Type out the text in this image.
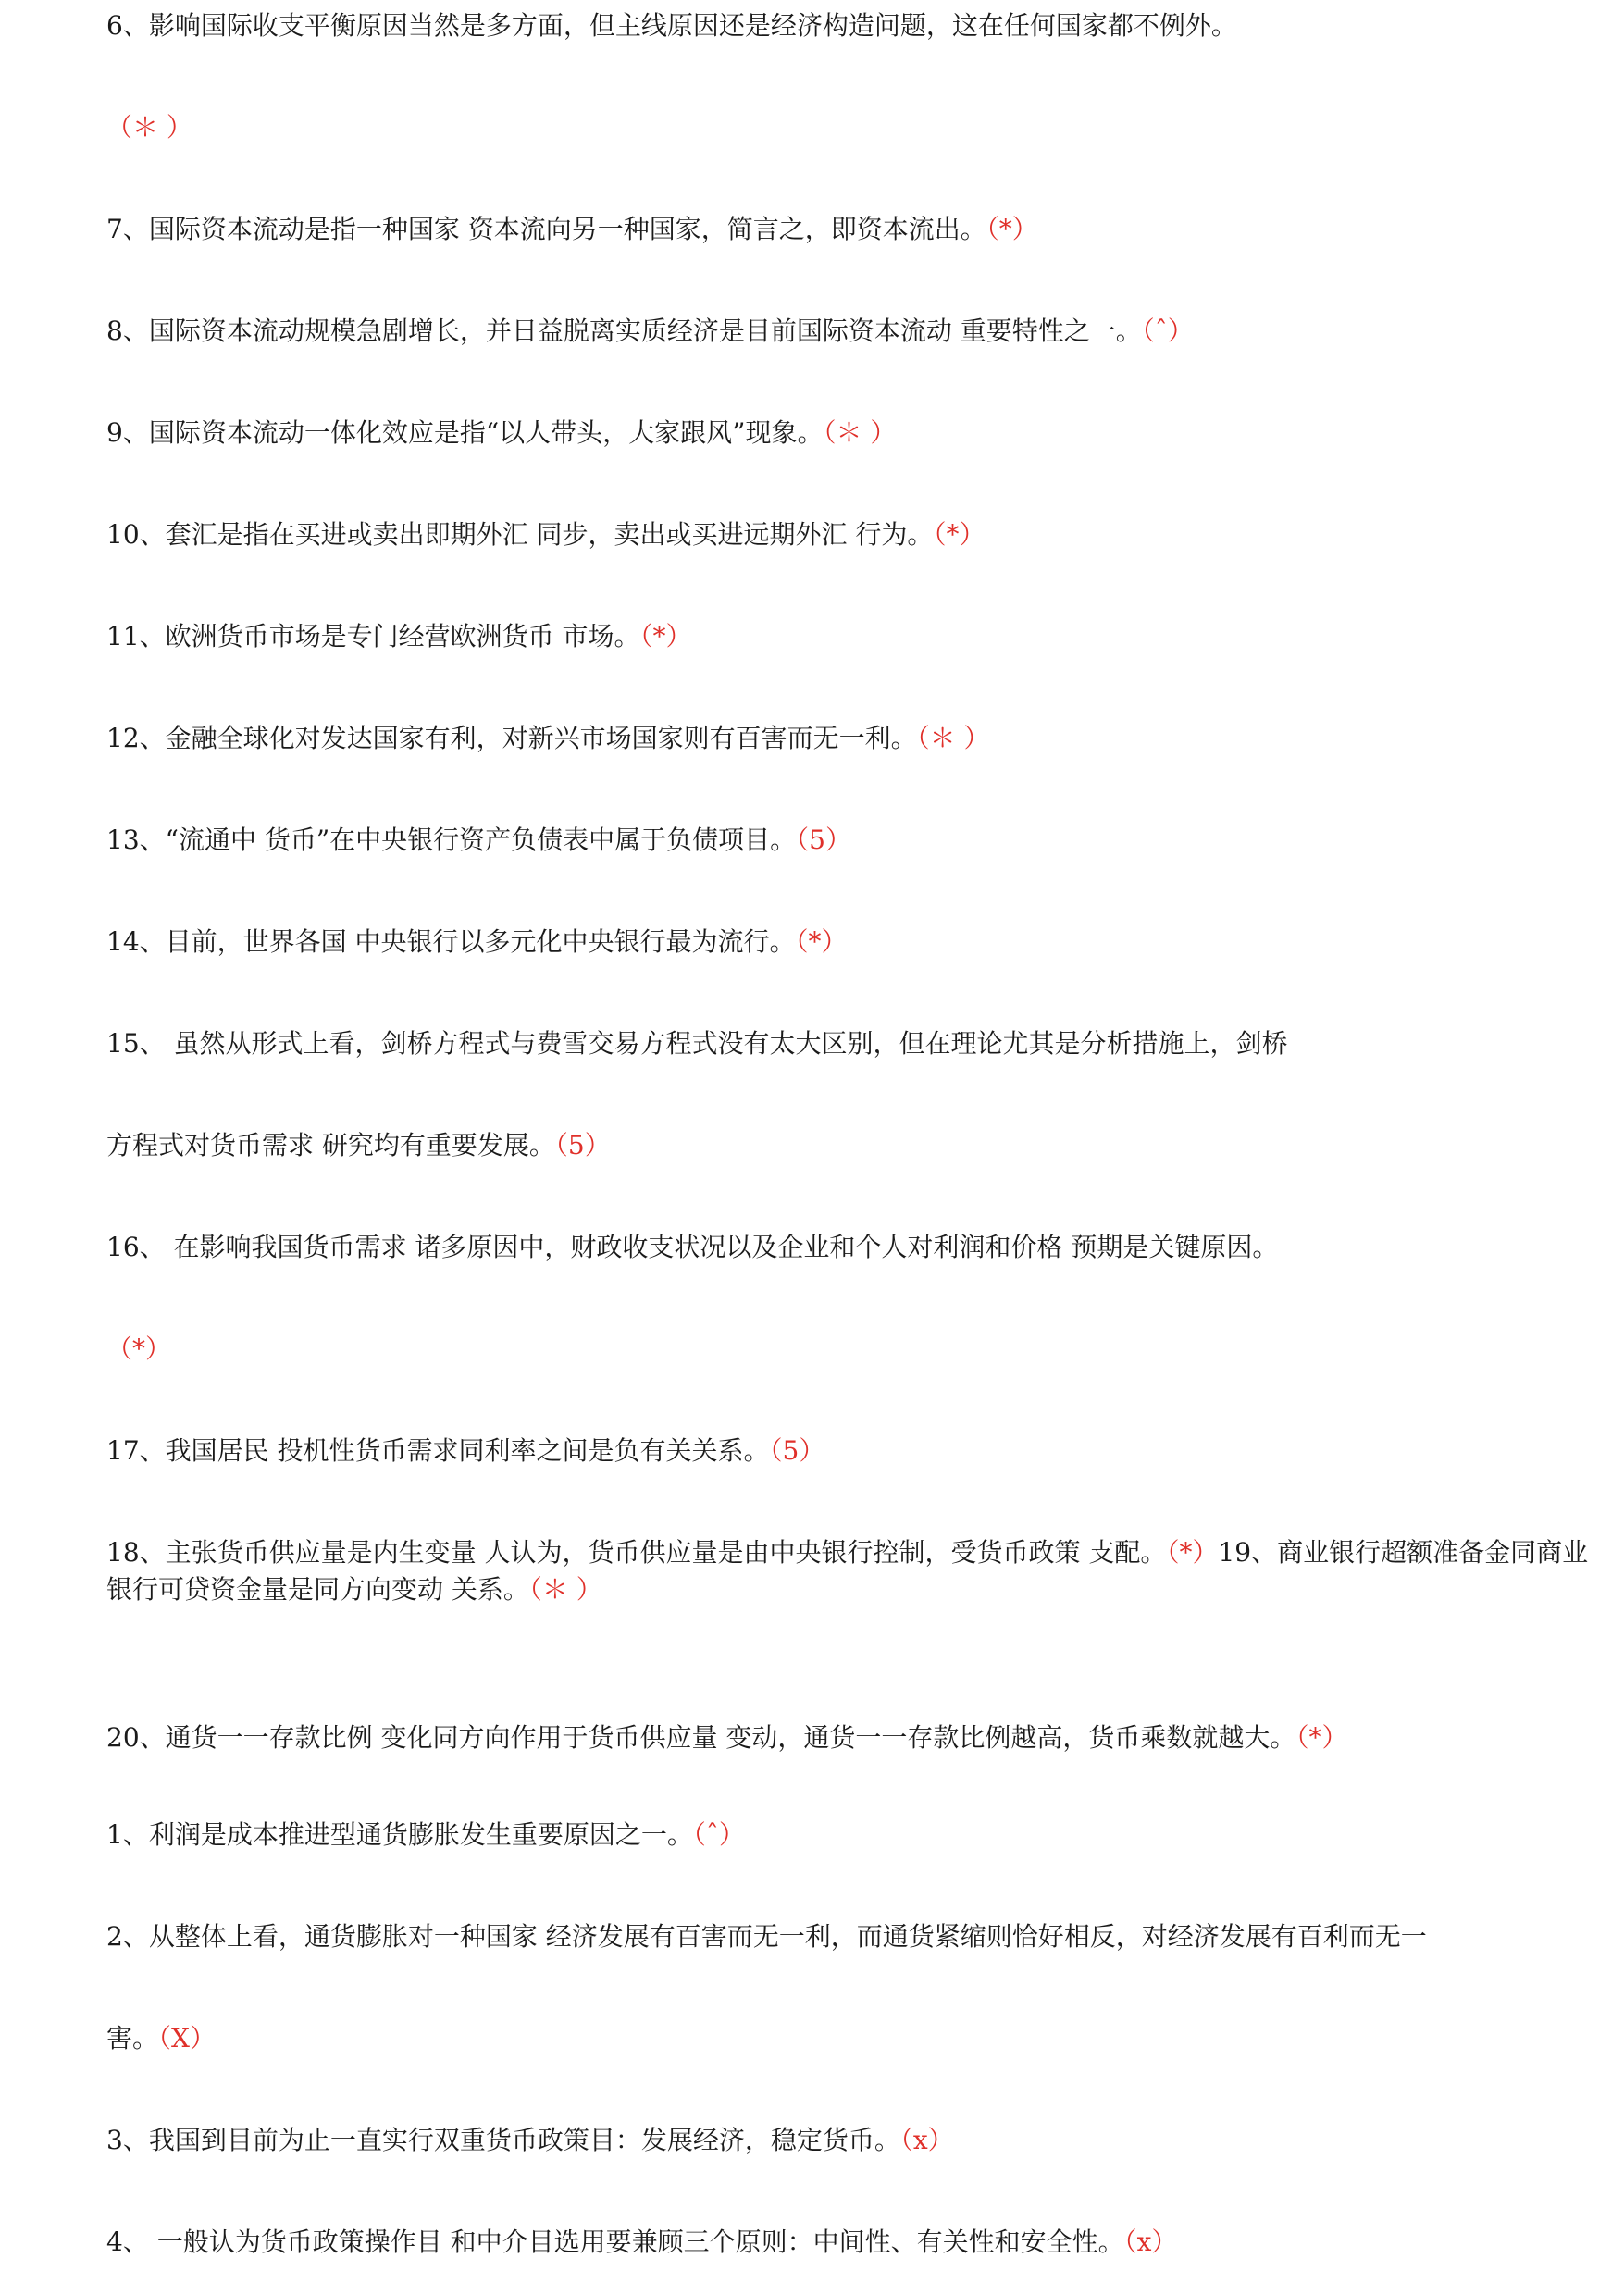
6、影响国际收支平衡原因当然是多方面，但主线原因还是经济构造问题，这在任何国家都不例外。
（＊ ）
7、国际资本流动是指一种国家 资本流向另一种国家，简言之，即资本流出。（*）
8、国际资本流动规模急剧增长，并日益脱离实质经济是目前国际资本流动 重要特性之一。（ˆ）
9、国际资本流动一体化效应是指“以人带头，大家跟风”现象。（＊ ）
10、套汇是指在买进或卖出即期外汇 同步，卖出或买进远期外汇 行为。（*）
11、欧洲货币市场是专门经营欧洲货币 市场。（*）
12、金融全球化对发达国家有利，对新兴市场国家则有百害而无一利。（＊ ）
13、“流通中 货币”在中央银行资产负债表中属于负债项目。（5）
14、目前，世界各国 中央银行以多元化中央银行最为流行。（*）
15、 虽然从形式上看，剑桥方程式与费雪交易方程式没有太大区别，但在理论尤其是分析措施上，剑桥
方程式对货币需求 研究均有重要发展。（5）
16、 在影响我国货币需求 诸多原因中，财政收支状况以及企业和个人对利润和价格 预期是关键原因。
（*）
17、我国居民 投机性货币需求同利率之间是负有关关系。（5）
18、主张货币供应量是内生变量 人认为，货币供应量是由中央银行控制，受货币政策 支配。（*）19、商业银行超额准备金同商业银行可贷资金量是同方向变动 关系。（＊ ）
20、通货一一存款比例 变化同方向作用于货币供应量 变动，通货一一存款比例越高，货币乘数就越大。（*）
1、利润是成本推进型通货膨胀发生重要原因之一。（ˆ）
2、从整体上看，通货膨胀对一种国家 经济发展有百害而无一利，而通货紧缩则恰好相反，对经济发展有百利而无一
害。（X）
3、我国到目前为止一直实行双重货币政策目：发展经济，稳定货币。（x）
4、 一般认为货币政策操作目 和中介目选用要兼顾三个原则：中间性、有关性和安全性。（x）
